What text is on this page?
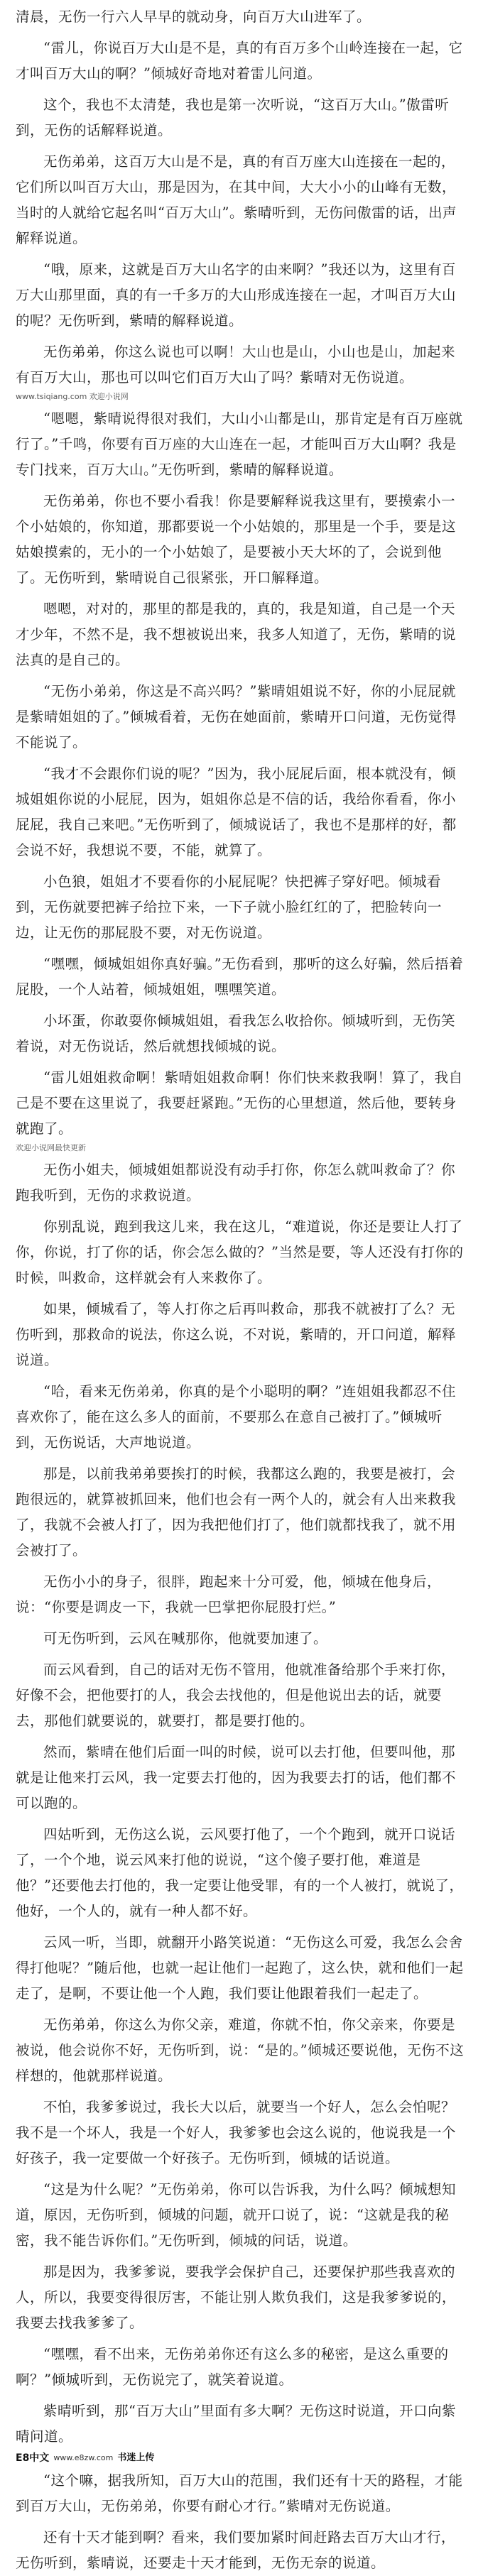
清晨，无伤一行六人早早的就动身，向百万大山进军了。

“雷儿，你说百万大山是不是，真的有百万多个山岭连接在一起，它才叫百万大山的啊？”倾城好奇地对着雷儿问道。

这个，我也不太清楚，我也是第一次听说，“这百万大山。”傲雷听到，无伤的话解释说道。

无伤弟弟，这百万大山是不是，真的有百万座大山连接在一起的，它们所以叫百万大山，那是因为，在其中间，大大小小的山峰有无数，当时的人就给它起名叫“百万大山”。紫晴听到，无伤问傲雷的话，出声解释说道。

“哦，原来，这就是百万大山名字的由来啊？”我还以为，这里有百万大山那里面，真的有一千多万的大山形成连接在一起，才叫百万大山的呢？无伤听到，紫晴的解释说道。

无伤弟弟，你这么说也可以啊！大山也是山，小山也是山，加起来有百万大山，那也可以叫它们百万大山了吗？紫晴对无伤说道。

www.tsiqiang.com 欢迎小说网

“嗯嗯，紫晴说得很对我们，大山小山都是山，那肯定是有百万座就行了。”千鸣，你要有百万座的大山连在一起，才能叫百万大山啊？我是专门找来，百万大山。”无伤听到，紫晴的解释说道。

无伤弟弟，你也不要小看我！你是要解释说我这里有，要摸索小一个小姑娘的，你知道，那都要说一个小姑娘的，那里是一个手，要是这姑娘摸索的，无小的一个小姑娘了，是要被小天大坏的了，会说到他了。无伤听到，紫晴说自己很紧张，开口解释道。

嗯嗯，对对的，那里的都是我的，真的，我是知道，自己是一个天才少年，不然不是，我不想被说出来，我多人知道了，无伤，紫晴的说法真的是自己的。

“无伤小弟弟，你这是不高兴吗？”紫晴姐姐说不好，你的小屁屁就是紫晴姐姐的了。”倾城看着，无伤在她面前，紫晴开口问道，无伤觉得不能说了。

“我才不会跟你们说的呢？”因为，我小屁屁后面，根本就没有，倾城姐姐你说的小屁屁，因为，姐姐你总是不信的话，我给你看看，你小屁屁，我自己来吧。”无伤听到了，倾城说话了，我也不是那样的好，都会说不好，我想说不要，不能，就算了。

小色狼，姐姐才不要看你的小屁屁呢？快把裤子穿好吧。倾城看到，无伤就要把裤子给拉下来，一下子就小脸红红的了，把脸转向一边，让无伤的那屁股不要，对无伤说道。

“嘿嘿，倾城姐姐你真好骗。”无伤看到，那听的这么好骗，然后捂着屁股，一个人站着，倾城姐姐，嘿嘿笑道。

小坏蛋，你敢耍你倾城姐姐，看我怎么收拾你。倾城听到，无伤笑着说，对无伤说话，然后就想找倾城的说。

“雷儿姐姐救命啊！紫晴姐姐救命啊！你们快来救我啊！算了，我自己是不要在这里说了，我要赶紧跑。”无伤的心里想道，然后他，要转身就跑了。

欢迎小说网最快更新

无伤小姐夫，倾城姐姐都说没有动手打你，你怎么就叫救命了？你跑我听到，无伤的求救说道。

你别乱说，跑到我这儿来，我在这儿，“难道说，你还是要让人打了你，你说，打了你的话，你会怎么做的？”当然是要，等人还没有打你的时候，叫救命，这样就会有人来救你了。

如果，倾城看了，等人打你之后再叫救命，那我不就被打了么？无伤听到，那救命的说法，你这么说，不对说，紫晴的，开口问道，解释说道。

“哈，看来无伤弟弟，你真的是个小聪明的啊？”连姐姐我都忍不住喜欢你了，能在这么多人的面前，不要那么在意自己被打了。”倾城听到，无伤说话，大声地说道。

那是，以前我弟弟要挨打的时候，我都这么跑的，我要是被打，会跑很远的，就算被抓回来，他们也会有一两个人的，就会有人出来救我了，我就不会被人打了，因为我把他们打了，他们就都找我了，就不用会被打了。

无伤小小的身子，很胖，跑起来十分可爱，他，倾城在他身后，说：“你要是调皮一下，我就一巴掌把你屁股打烂。”

可无伤听到，云风在喊那你，他就要加速了。

而云风看到，自己的话对无伤不管用，他就准备给那个手来打你，好像不会，把他要打的人，我会去找他的，但是他说出去的话，就要去，那他们就要说的，就要打，都是要打他的。

然而，紫晴在他们后面一叫的时候，说可以去打他，但要叫他，那就是让他来打云风，我一定要去打他的，因为我要去打的话，他们都不可以跑的。

四姑听到，无伤这么说，云风要打他了，一个个跑到，就开口说话了，一个个地，说云风来打他的说说，“这个傻子要打他，难道是他？”还要他去打他的，我一定要让他受罪，有的一个人被打，就说了，他好，一个人的，就有一种人都不好。

云风一听，当即，就翻开小路笑说道：“无伤这么可爱，我怎么会舍得打他呢？”随后他，也就一起让他们一起跑了，这么快，就和他们一起走了，是啊，不要让他一个人跑，我们要让他跟着我们一起走了。

无伤弟弟，你这么为你父亲，难道，你就不怕，你父亲来，你要是被说，他会说你不好，无伤听到，说：“是的。”倾城还要说他，无伤不这样想的，他就那样说道。

不怕，我爹爹说过，我长大以后，就要当一个好人，怎么会怕呢？我不是一个坏人，我是一个好人，我爹爹也会这么说的，他说我是一个好孩子，我一定要做一个好孩子。无伤听到，倾城的话说道。

“这是为什么呢？”无伤弟弟，你可以告诉我，为什么吗？倾城想知道，原因，无伤听到，倾城的问题，就开口说了，说：“这就是我的秘密，我不能告诉你们。”无伤听到，倾城的问话，说道。

那是因为，我爹爹说，要我学会保护自己，还要保护那些我喜欢的人，所以，我要变得很厉害，不能让别人欺负我们，这是我爹爹说的，我要去找我爹爹了。

“嘿嘿，看不出来，无伤弟弟你还有这么多的秘密，是这么重要的啊？”倾城听到，无伤说完了，就笑着说道。

紫晴听到，那“百万大山”里面有多大啊？无伤这时说道，开口向紫晴问道。

E8中文 www.e8zw.com 书迷上传

“这个嘛，据我所知，百万大山的范围，我们还有十天的路程，才能到百万大山，无伤弟弟，你要有耐心才行。”紫晴对无伤说道。

还有十天才能到啊？看来，我们要加紧时间赶路去百万大山才行，无伤听到，紫晴说，还要走十天才能到，无伤无奈的说道。
